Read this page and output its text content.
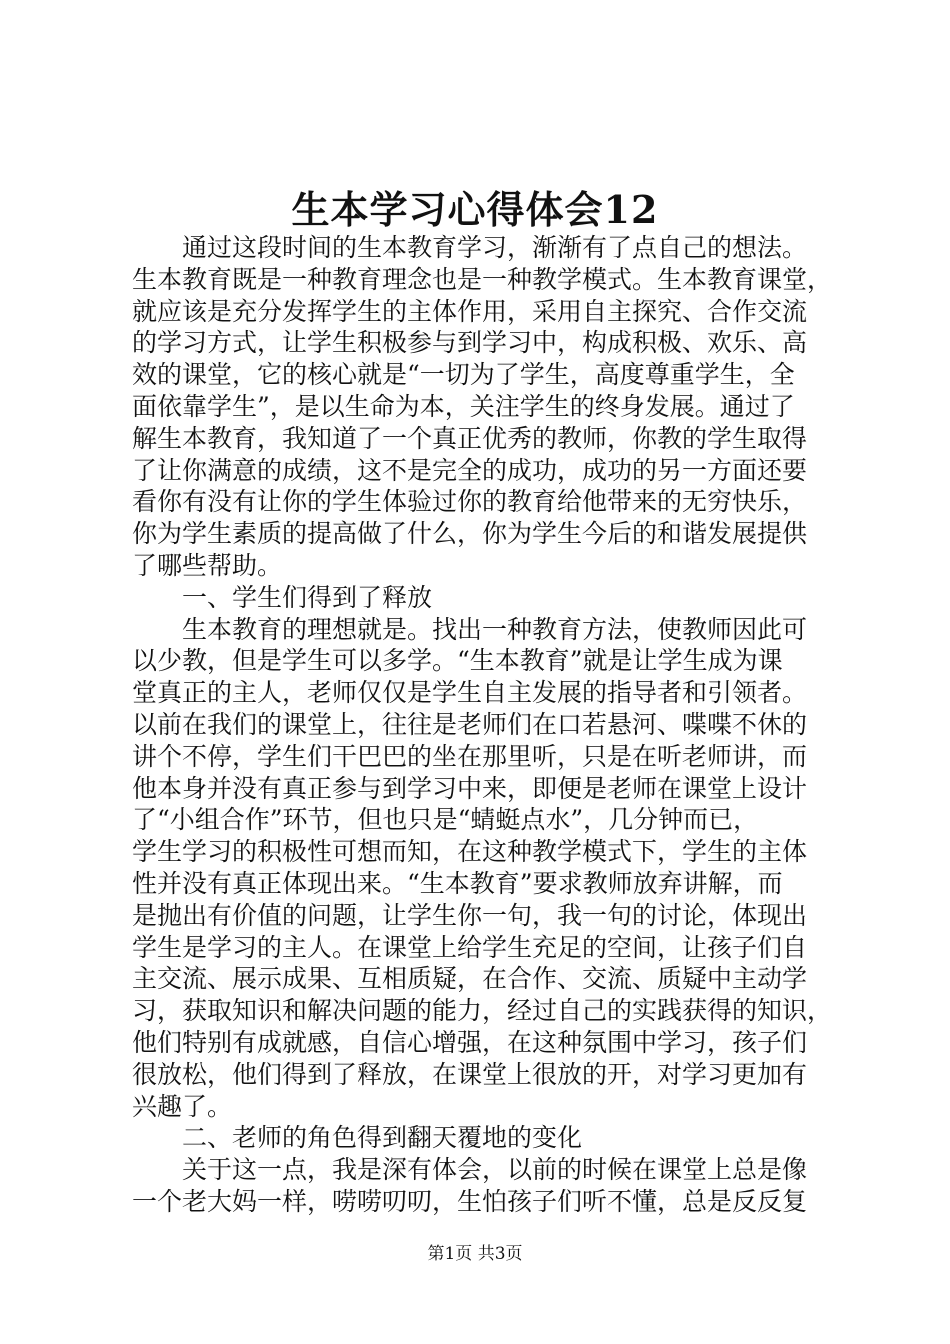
生本学习心得体会12
　　通过这段时间的生本教育学习，渐渐有了点自己的想法。
生本教育既是一种教育理念也是一种教学模式。生本教育课堂，
就应该是充分发挥学生的主体作用，采用自主探究、合作交流
的学习方式，让学生积极参与到学习中，构成积极、欢乐、高
效的课堂，它的核心就是“一切为了学生，高度尊重学生，全
面依靠学生”，是以生命为本，关注学生的终身发展。通过了
解生本教育，我知道了一个真正优秀的教师，你教的学生取得
了让你满意的成绩，这不是完全的成功，成功的另一方面还要
看你有没有让你的学生体验过你的教育给他带来的无穷快乐，
你为学生素质的提高做了什么，你为学生今后的和谐发展提供
了哪些帮助。
　　一、学生们得到了释放
　　生本教育的理想就是。找出一种教育方法，使教师因此可
以少教，但是学生可以多学。“生本教育”就是让学生成为课
堂真正的主人，老师仅仅是学生自主发展的指导者和引领者。
以前在我们的课堂上，往往是老师们在口若悬河、喋喋不休的
讲个不停，学生们干巴巴的坐在那里听，只是在听老师讲，而
他本身并没有真正参与到学习中来，即便是老师在课堂上设计
了“小组合作”环节，但也只是“蜻蜓点水”，几分钟而已，
学生学习的积极性可想而知，在这种教学模式下，学生的主体
性并没有真正体现出来。“生本教育”要求教师放弃讲解，而
是抛出有价值的问题，让学生你一句，我一句的讨论，体现出
学生是学习的主人。在课堂上给学生充足的空间，让孩子们自
主交流、展示成果、互相质疑，在合作、交流、质疑中主动学
习，获取知识和解决问题的能力，经过自己的实践获得的知识，
他们特别有成就感，自信心增强，在这种氛围中学习，孩子们
很放松，他们得到了释放，在课堂上很放的开，对学习更加有
兴趣了。
　　二、老师的角色得到翻天覆地的变化
　　关于这一点，我是深有体会，以前的时候在课堂上总是像
一个老大妈一样，唠唠叨叨，生怕孩子们听不懂，总是反反复
第1页 共3页
